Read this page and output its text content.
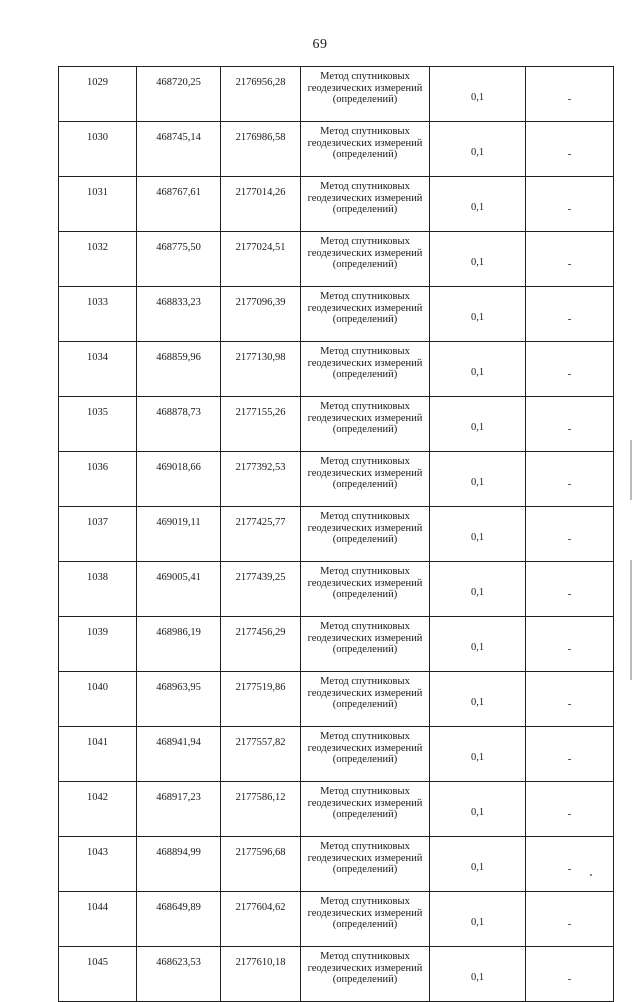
69
1029	468720,25	2176956,28	Метод спутниковых
геодезических измерений
(определений)	0,1	-
1030	468745,14	2176986,58	Метод спутниковых
геодезических измерений
(определений)	0,1	-
1031	468767,61	2177014,26	Метод спутниковых
геодезических измерений
(определений)	0,1	-
1032	468775,50	2177024,51	Метод спутниковых
геодезических измерений
(определений)	0,1	-
1033	468833,23	2177096,39	Метод спутниковых
геодезических измерений
(определений)	0,1	-
1034	468859,96	2177130,98	Метод спутниковых
геодезических измерений
(определений)	0,1	-
1035	468878,73	2177155,26	Метод спутниковых
геодезических измерений
(определений)	0,1	-
1036	469018,66	2177392,53	Метод спутниковых
геодезических измерений
(определений)	0,1	-
1037	469019,11	2177425,77	Метод спутниковых
геодезических измерений
(определений)	0,1	-
1038	469005,41	2177439,25	Метод спутниковых
геодезических измерений
(определений)	0,1	-
1039	468986,19	2177456,29	Метод спутниковых
геодезических измерений
(определений)	0,1	-
1040	468963,95	2177519,86	Метод спутниковых
геодезических измерений
(определений)	0,1	-
1041	468941,94	2177557,82	Метод спутниковых
геодезических измерений
(определений)	0,1	-
1042	468917,23	2177586,12	Метод спутниковых
геодезических измерений
(определений)	0,1	-
1043	468894,99	2177596,68	Метод спутниковых
геодезических измерений
(определений)	0,1	-
1044	468649,89	2177604,62	Метод спутниковых
геодезических измерений
(определений)	0,1	-
1045	468623,53	2177610,18	Метод спутниковых
геодезических измерений
(определений)	0,1	-
